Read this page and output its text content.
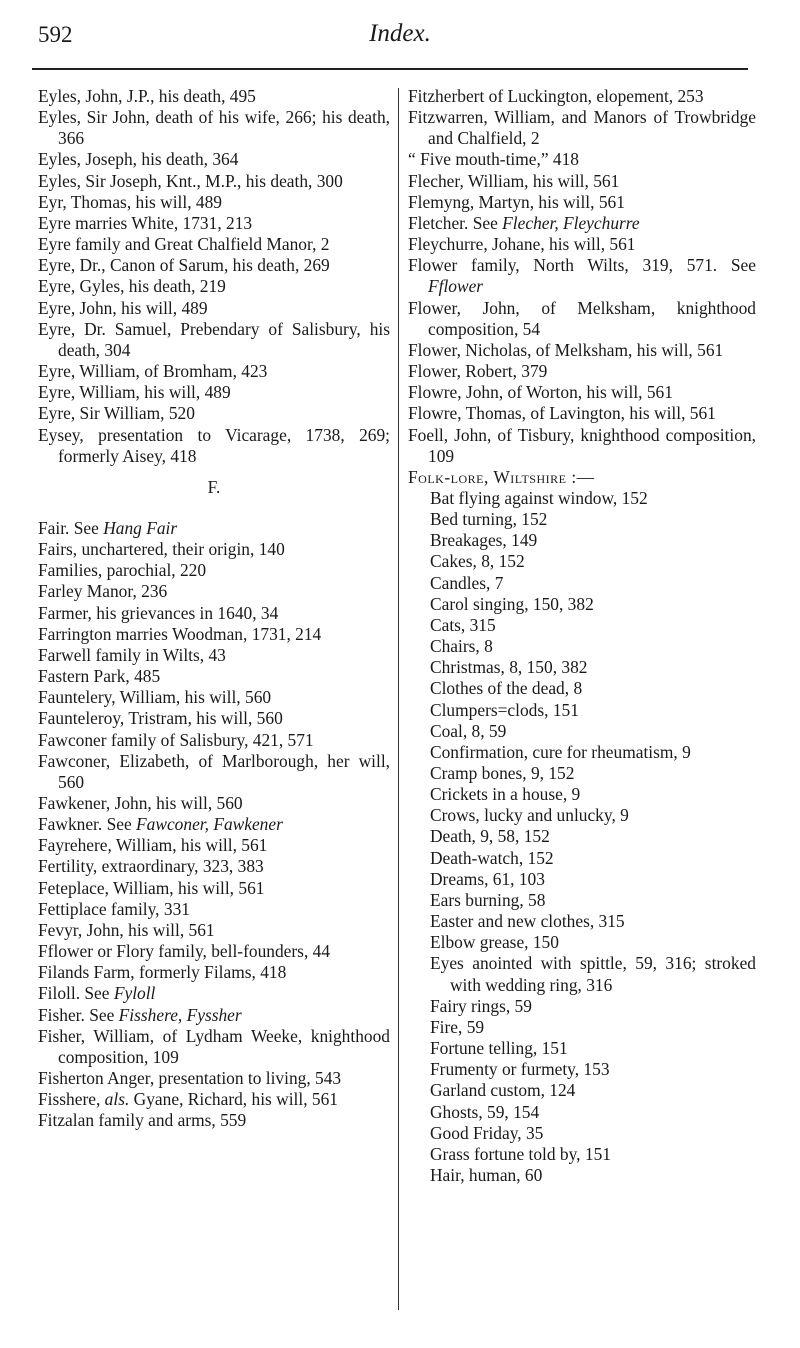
592	Index.
Eyles, John, J.P., his death, 495
Eyles, Sir John, death of his wife, 266; his death, 366
Eyles, Joseph, his death, 364
Eyles, Sir Joseph, Knt., M.P., his death, 300
Eyr, Thomas, his will, 489
Eyre marries White, 1731, 213
Eyre family and Great Chalfield Manor, 2
Eyre, Dr., Canon of Sarum, his death, 269
Eyre, Gyles, his death, 219
Eyre, John, his will, 489
Eyre, Dr. Samuel, Prebendary of Salisbury, his death, 304
Eyre, William, of Bromham, 423
Eyre, William, his will, 489
Eyre, Sir William, 520
Eysey, presentation to Vicarage, 1738, 269; formerly Aisey, 418
F.
Fair. See Hang Fair
Fairs, unchartered, their origin, 140
Families, parochial, 220
Farley Manor, 236
Farmer, his grievances in 1640, 34
Farrington marries Woodman, 1731, 214
Farwell family in Wilts, 43
Fastern Park, 485
Fauntelery, William, his will, 560
Faunteleroy, Tristram, his will, 560
Fawconer family of Salisbury, 421, 571
Fawconer, Elizabeth, of Marlborough, her will, 560
Fawkener, John, his will, 560
Fawkner. See Fawconer, Fawkener
Fayrehere, William, his will, 561
Fertility, extraordinary, 323, 383
Feteplace, William, his will, 561
Fettiplace family, 331
Fevyr, John, his will, 561
Fflower or Flory family, bell-founders, 44
Filands Farm, formerly Filams, 418
Filoll. See Fyloll
Fisher. See Fisshere, Fyssher
Fisher, William, of Lydham Weeke, knighthood composition, 109
Fisherton Anger, presentation to living, 543
Fisshere, als. Gyane, Richard, his will, 561
Fitzalan family and arms, 559
Fitzherbert of Luckington, elopement, 253
Fitzwarren, William, and Manors of Trowbridge and Chalfield, 2
“ Five mouth-time,” 418
Flecher, William, his will, 561
Flemyng, Martyn, his will, 561
Fletcher. See Flecher, Fleychurre
Fleychurre, Johane, his will, 561
Flower family, North Wilts, 319, 571. See Fflower
Flower, John, of Melksham, knighthood composition, 54
Flower, Nicholas, of Melksham, his will, 561
Flower, Robert, 379
Flowre, John, of Worton, his will, 561
Flowre, Thomas, of Lavington, his will, 561
Foell, John, of Tisbury, knighthood composition, 109
Folk-lore, Wiltshire :—
Bat flying against window, 152
Bed turning, 152
Breakages, 149
Cakes, 8, 152
Candles, 7
Carol singing, 150, 382
Cats, 315
Chairs, 8
Christmas, 8, 150, 382
Clothes of the dead, 8
Clumpers=clods, 151
Coal, 8, 59
Confirmation, cure for rheumatism, 9
Cramp bones, 9, 152
Crickets in a house, 9
Crows, lucky and unlucky, 9
Death, 9, 58, 152
Death-watch, 152
Dreams, 61, 103
Ears burning, 58
Easter and new clothes, 315
Elbow grease, 150
Eyes anointed with spittle, 59, 316; stroked with wedding ring, 316
Fairy rings, 59
Fire, 59
Fortune telling, 151
Frumenty or furmety, 153
Garland custom, 124
Ghosts, 59, 154
Good Friday, 35
Grass fortune told by, 151
Hair, human, 60
